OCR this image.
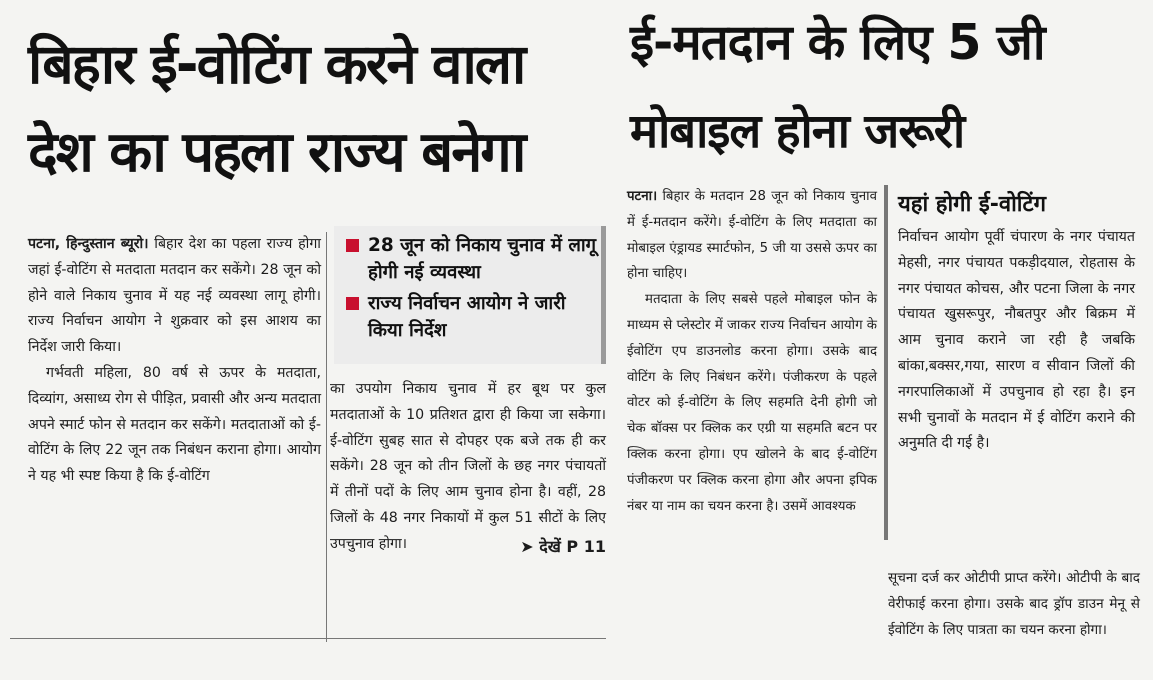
बिहार ई-वोटिंग करने वाला
देश का पहला राज्य बनेगा

पटना, हिन्दुस्तान ब्यूरो। बिहार देश का पहला राज्य होगा जहां ई-वोटिंग से मतदाता मतदान कर सकेंगे। 28 जून को होने वाले निकाय चुनाव में यह नई व्यवस्था लागू होगी। राज्य निर्वाचन आयोग ने शुक्रवार को इस आशय का निर्देश जारी किया।

गर्भवती महिला, 80 वर्ष से ऊपर के मतदाता, दिव्यांग, असाध्य रोग से पीड़ित, प्रवासी और अन्य मतदाता अपने स्मार्ट फोन से मतदान कर सकेंगे। मतदाताओं को ई-वोटिंग के लिए 22 जून तक निबंधन कराना होगा। आयोग ने यह भी स्पष्ट किया है कि ई-वोटिंग

28 जून को निकाय चुनाव में लागू होगी नई व्यवस्था
राज्य निर्वाचन आयोग ने जारी किया निर्देश

का उपयोग निकाय चुनाव में हर बूथ पर कुल मतदाताओं के 10 प्रतिशत द्वारा ही किया जा सकेगा। ई-वोटिंग सुबह सात से दोपहर एक बजे तक ही कर सकेंगे। 28 जून को तीन जिलों के छह नगर पंचायतों में तीनों पदों के लिए आम चुनाव होना है। वहीं, 28 जिलों के 48 नगर निकायों में कुल 51 सीटों के लिए उपचुनाव होगा।	➤ देखें P 11

ई-मतदान के लिए 5 जी
मोबाइल होना जरूरी

पटना। बिहार के मतदान 28 जून को निकाय चुनाव में ई-मतदान करेंगे। ई-वोटिंग के लिए मतदाता का मोबाइल एंड्रायड स्मार्टफोन, 5 जी या उससे ऊपर का होना चाहिए।

मतदाता के लिए सबसे पहले मोबाइल फोन के माध्यम से प्लेस्टोर में जाकर राज्य निर्वाचन आयोग के ईवोटिंग एप डाउनलोड करना होगा। उसके बाद वोटिंग के लिए निबंधन करेंगे। पंजीकरण के पहले वोटर को ई-वोटिंग के लिए सहमति देनी होगी जो चेक बॉक्स पर क्लिक कर एग्री या सहमति बटन पर क्लिक करना होगा। एप खोलने के बाद ई-वोटिंग पंजीकरण पर क्लिक करना होगा और अपना इपिक नंबर या नाम का चयन करना है। उसमें आवश्यक

यहां होगी ई-वोटिंग

निर्वाचन आयोग पूर्वी चंपारण के नगर पंचायत मेहसी, नगर पंचायत पकड़ीदयाल, रोहतास के नगर पंचायत कोचस, और पटना जिला के नगर पंचायत खुसरूपुर, नौबतपुर और बिक्रम में आम चुनाव कराने जा रही है जबकि बांका,बक्सर,गया, सारण व सीवान जिलों की नगरपालिकाओं में उपचुनाव हो रहा है। इन सभी चुनावों के मतदान में ई वोटिंग कराने की अनुमति दी गई है।

सूचना दर्ज कर ओटीपी प्राप्त करेंगे। ओटीपी के बाद वेरीफाई करना होगा। उसके बाद ड्रॉप डाउन मेनू से ईवोटिंग के लिए पात्रता का चयन करना होगा।
